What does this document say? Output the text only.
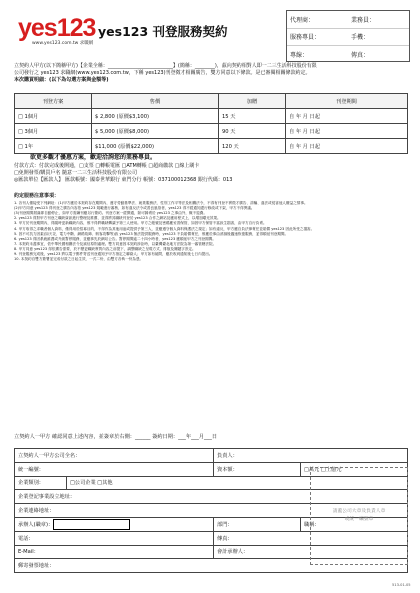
yes123
www.yes123.com.tw 求職網
yes123 刊登服務契約
代理商：	業務員：
服務專員：	手機：
專線：	傳真：
立契約人甲方(以下簡稱甲方)【企業全稱：__________________________】(簡稱：________)，茲向契約相對人即一二三生活科技股份有限
公司發行之 yes123 求職網(www.yes123.com.tw，下稱 yes123)刊登徵才相關廣告，雙方同意以下條款。是已審閱相關條款約定。
本次購買明細：(以下為勾選方案與金額等)
刊登方案	售價	加贈	刊登期間
□ 1個月	$ 2,800 (原價$3,100)	15 天	自 年 月 日起
□ 3個月	$ 5,000 (原價$8,000)	90 天	自 年 月 日起
□ 1年	$11,000 (原價$22,000)	120 天	自 年 月 日起
欲更多觀才優惠方案，歡迎洽詢您的業務專員。
付款方式：付款完成後開通，□支票 □轉帳電匯 □ATM轉帳 □超商繳款 □線上刷卡
□免開發票/購買戶名 隨意一二三生活科技股份有限公司
◎匯款單位【匯款人】 匯款帳號：國泰世華銀行 東門分行 帳號：037100012368 銀行代碼：013
約定服務注意事項：
1. 各刊人僅接受下列網址：(1)甲方應於本契約存在期間內，遵守勞動基準法、就業服務法、性別工作平等法及相關法令，不得有刊登不實徵才廣告、詐騙、違法或侵害他人權益之情事。
(2)甲方同意 yes123 得刊登之廣告內容依 yes123 規範進行審核，如有違反法令或善良風俗者，yes123 得不經通知逕行修改或下架，甲方不得異議。
(3)刊登期間屆滿即自動停止，如甲方需續刊應另行簽約。刊登方案一經開通，除可歸責於 yes123 之事由外，概不退費。
2. yes123 得對甲方刊登之職缺資訊進行整理及推薦，並得將其職缺刊登於 yes123 合作之網站及應用程式上，以增加曝光效果。
3. 甲方於刊登期間內，得隨時更新職缺內容，惟不得將職缺轉讓予第三人使用。甲方之帳號及密碼應妥善保管，如因甲方保管不當致生損害，由甲方自行負責。
4. 甲方取得之求職者個人資料，僅得用於招募目的，不得作為其他用途或提供予第三人，並應遵守個人資料保護法之規定；如有違反，甲方應自負法律責任並賠償 yes123 因此所受之損害。
5. 因不可抗力因素(如天災、電力中斷、網路故障、駭客攻擊等)致 yes123 無法提供服務時，yes123 不負賠償責任，惟應於事由消滅後儘速恢復服務，並得順延刊登期間。
6. yes123 得因系統維護或升級暫停服務，並應事先於網站公告。暫停期間逾二十四小時者，yes123 應順延甲方之刊登期間。
7. 本契約未盡事宜，依中華民國相關法令及誠信原則處理。雙方同意因本契約涉訟時，以臺灣臺北地方法院為第一審管轄法院。
8. 甲方同意 yes123 得依廣告需要，於不變更職缺實質內容之前提下，調整職缺之呈現方式、排版及關鍵字設定。
9. 刊登服務完成後，yes123 將以電子郵件寄送刊登通知予甲方指定之聯絡人；甲方如有疑問，應於收到通知後七日內提出。
10. 本契約自雙方簽署並完成付款之日起生效，一式二份，由雙方各執一份為憑。
立契約人一甲方 確認同意上述內容，並簽章於右側：______ 簽約日期：___年___月___日
立契約人一甲方公司全名：		負責人：	
統一編號：		資本額：	□萬元 □上億元
企業類別：	□公司企業 □其他		
企業登記事業設立地址：			
企業連絡地址：			
承辦人(職章)：		部門：	職稱：
電話：		傳真：	
E-Mail：		會計承辦人：	
郵寄發票地址：			
請蓋公司大章及負責人章
或統一編號章
513-01-05
